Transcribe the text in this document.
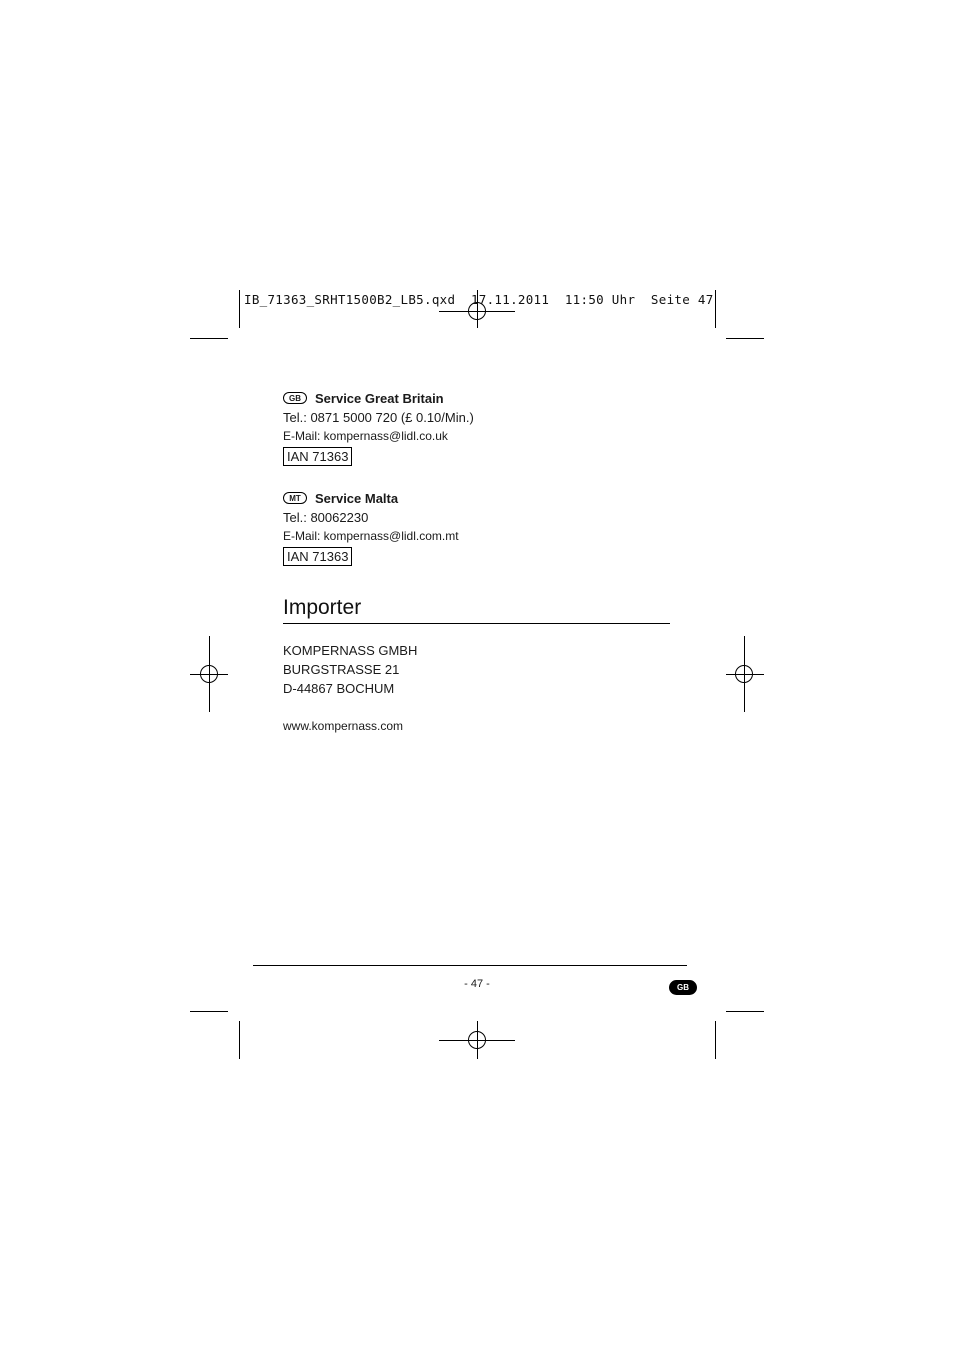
IB_71363_SRHT1500B2_LB5.qxd  17.11.2011  11:50 Uhr  Seite 47
GB	Service Great Britain
Tel.: 0871 5000 720 (£ 0.10/Min.)
E-Mail: kompernass@lidl.co.uk
IAN 71363
MT	Service Malta
Tel.: 80062230
E-Mail: kompernass@lidl.com.mt
IAN 71363
Importer
KOMPERNASS GMBH
BURGSTRASSE 21
D-44867 BOCHUM
www.kompernass.com
- 47 -	GB
